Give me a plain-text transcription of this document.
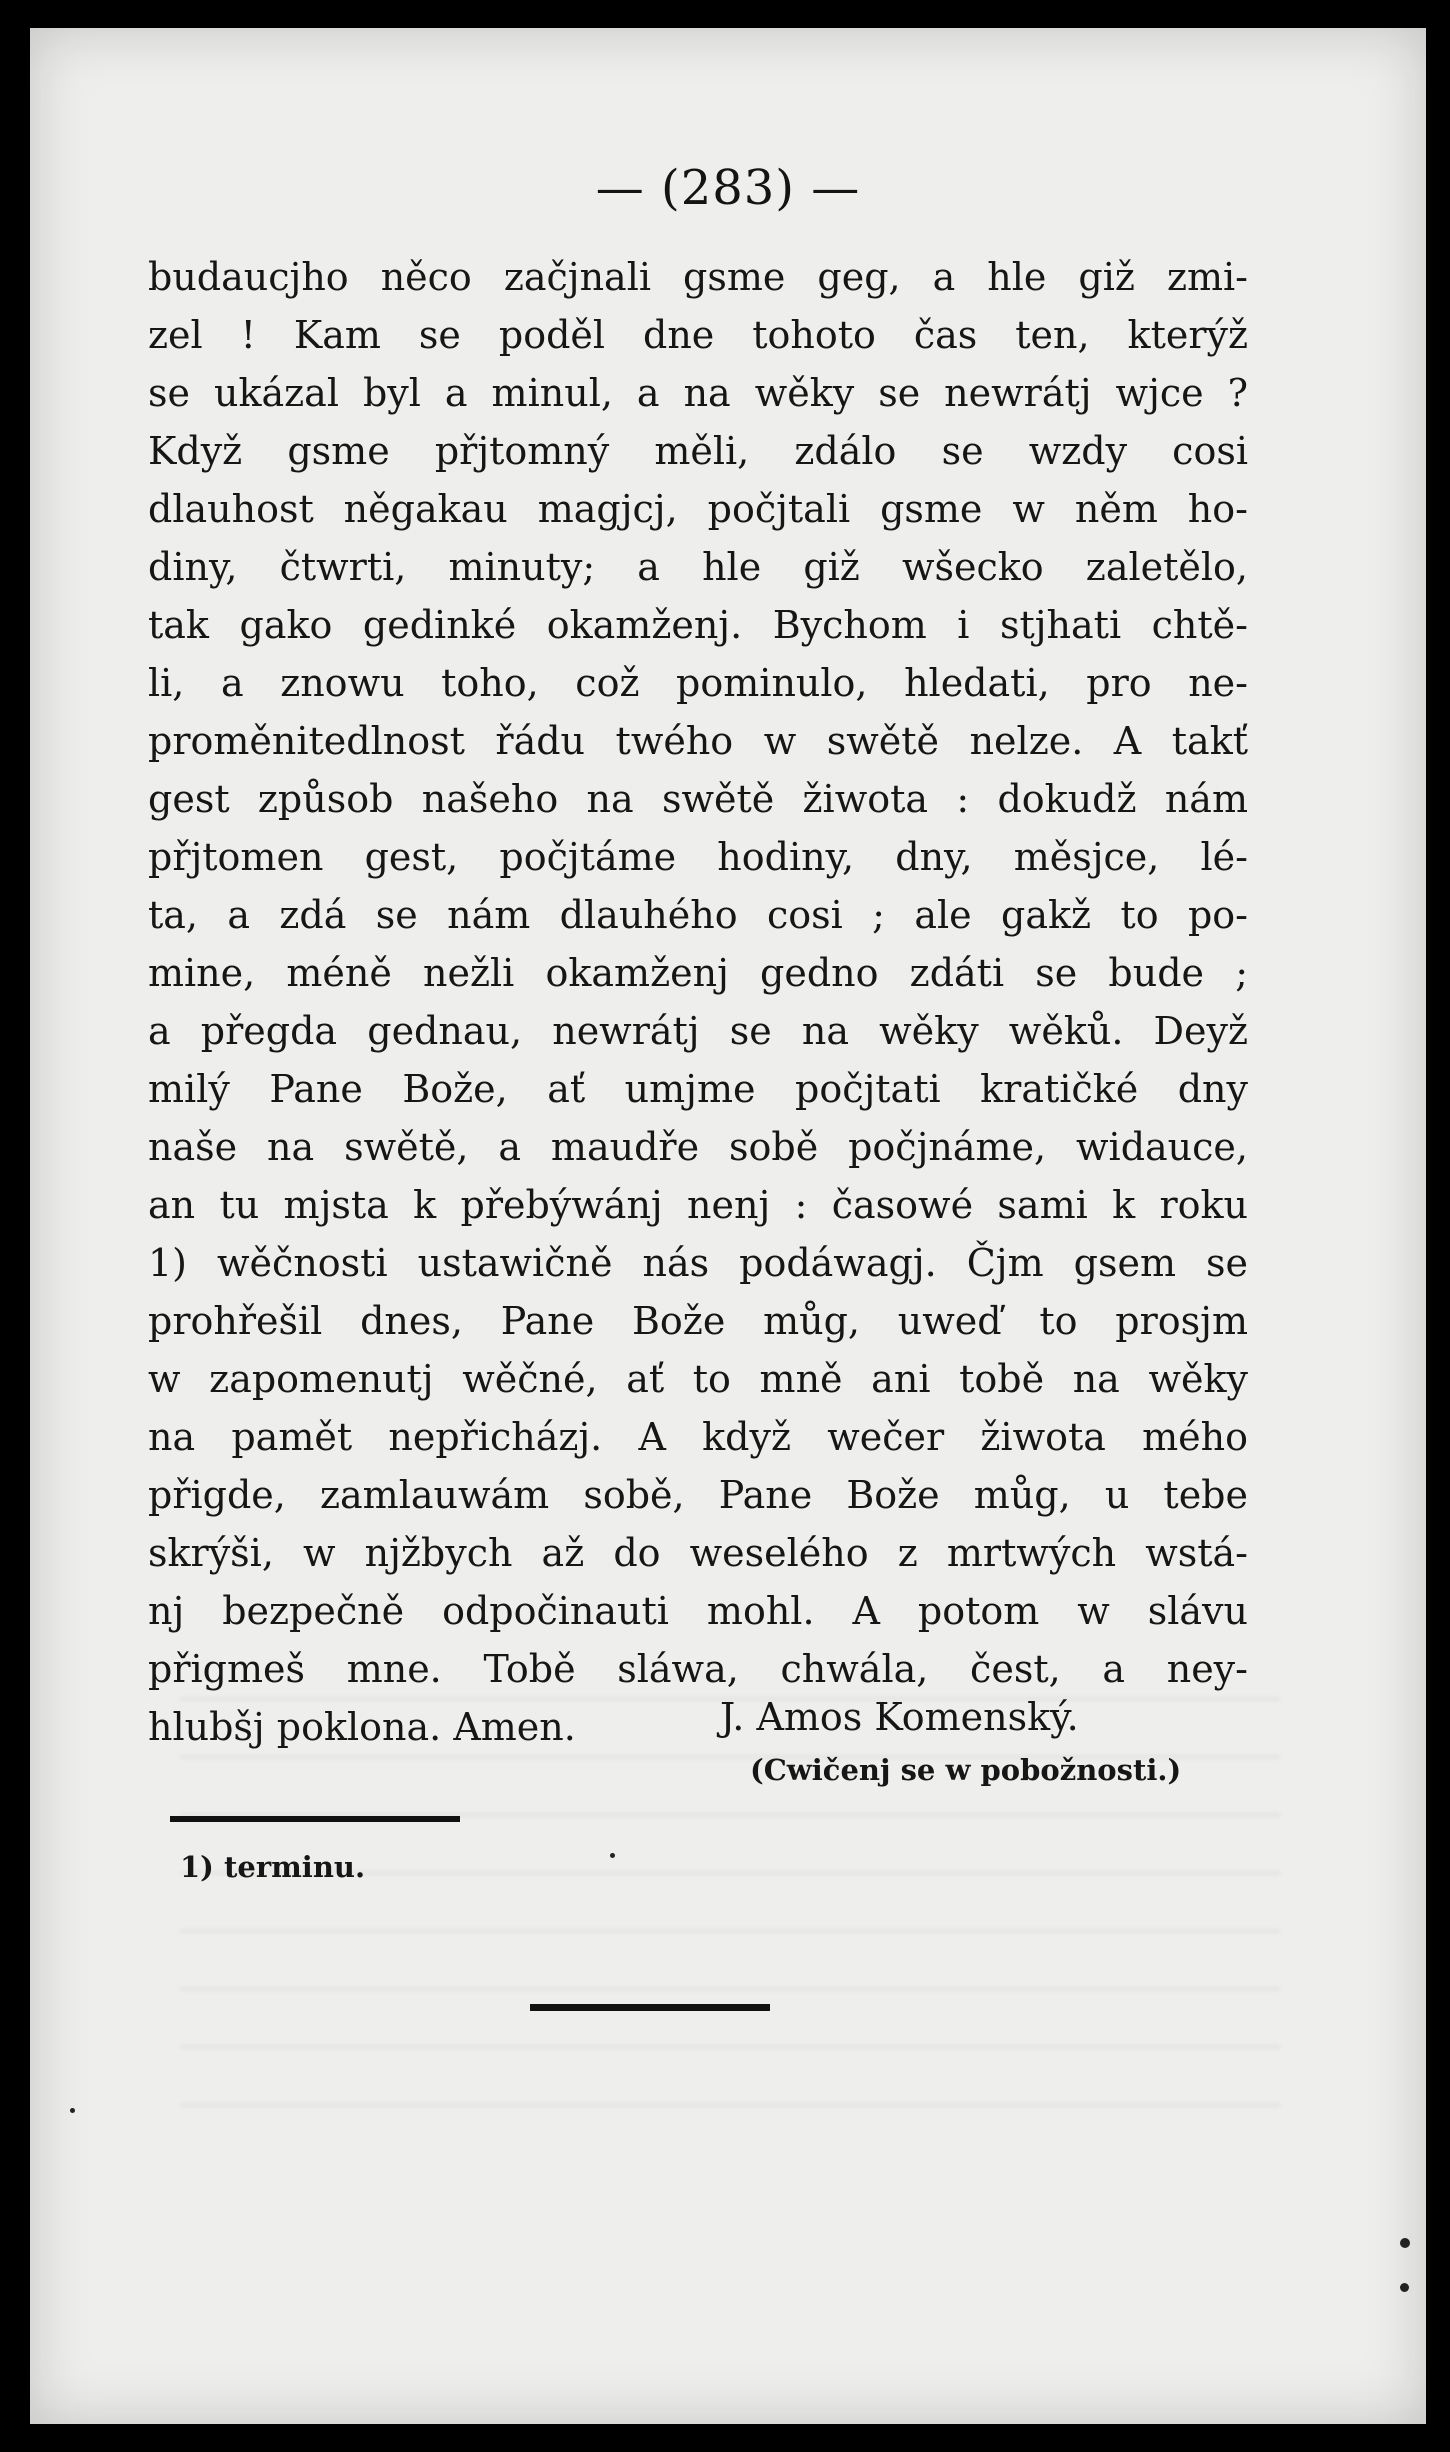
— (283) —
budaucjho něco začjnali gsme geg, a hle giž zmi-
zel ! Kam se poděl dne tohoto čas ten, kterýž
se ukázal byl a minul, a na wěky se newrátj wjce ?
Když gsme přjtomný měli, zdálo se wzdy cosi
dlauhost něgakau magjcj, počjtali gsme w něm ho-
diny, čtwrti, minuty; a hle giž wšecko zaletělo,
tak gako gedinké okamženj. Bychom i stjhati chtě-
li, a znowu toho, což pominulo, hledati, pro ne-
proměnitedlnost řádu twého w swětě nelze. A takť
gest způsob našeho na swětě žiwota : dokudž nám
přjtomen gest, počjtáme hodiny, dny, měsjce, lé-
ta, a zdá se nám dlauhého cosi ; ale gakž to po-
mine, méně nežli okamženj gedno zdáti se bude ;
a přegda gednau, newrátj se na wěky wěků. Deyž
milý Pane Bože, ať umjme počjtati kratičké dny
naše na swětě, a maudře sobě počjnáme, widauce,
an tu mjsta k přebýwánj nenj : časowé sami k roku
1) wěčnosti ustawičně nás podáwagj. Čjm gsem se
prohřešil dnes, Pane Bože můg, uweď to prosjm
w zapomenutj wěčné, ať to mně ani tobě na wěky
na pamět nepřicházj. A když wečer žiwota mého
přigde, zamlauwám sobě, Pane Bože můg, u tebe
skrýši, w njžbych až do weselého z mrtwých wstá-
nj bezpečně odpočinauti mohl. A potom w slávu
přigmeš mne. Tobě sláwa, chwála, čest, a ney-
hlubšj poklona. Amen.	J. Amos Komenský.
(Cwičenj se w pobožnosti.)
1) terminu.
